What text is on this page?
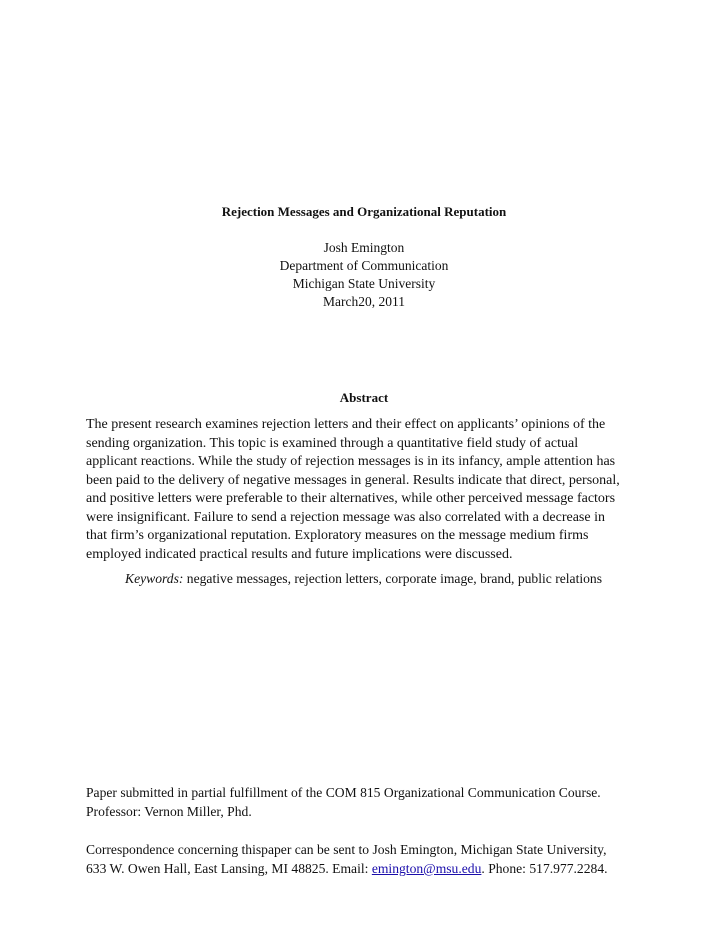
Rejection Messages and Organizational Reputation
Josh Emington
Department of Communication
Michigan State University
March20, 2011
Abstract
The present research examines rejection letters and their effect on applicants’ opinions of the
sending organization. This topic is examined through a quantitative field study of actual
applicant reactions. While the study of rejection messages is in its infancy, ample attention has
been paid to the delivery of negative messages in general. Results indicate that direct, personal,
and positive letters were preferable to their alternatives, while other perceived message factors
were insignificant. Failure to send a rejection message was also correlated with a decrease in
that firm’s organizational reputation. Exploratory measures on the message medium firms
employed indicated practical results and future implications were discussed.
Keywords: negative messages, rejection letters, corporate image, brand, public relations
Paper submitted in partial fulfillment of the COM 815 Organizational Communication Course.
Professor: Vernon Miller, Phd.
Correspondence concerning thispaper can be sent to Josh Emington, Michigan State University,
633 W. Owen Hall, East Lansing, MI 48825. Email: emington@msu.edu. Phone: 517.977.2284.
